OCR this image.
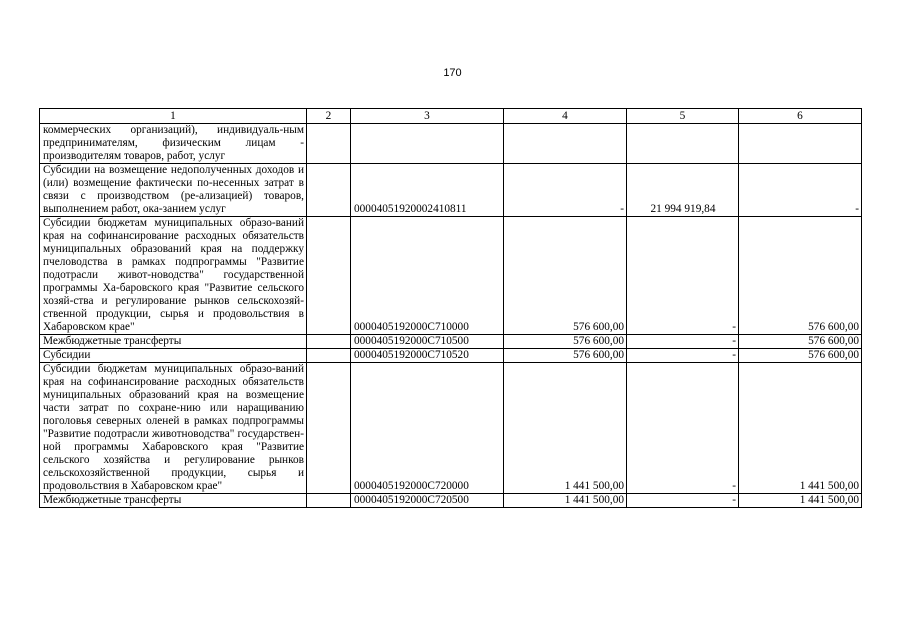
170
1	2	3	4	5	6
коммерческих организаций), индивидуаль-ным предпринимателям, физическим лицам - производителям товаров, работ, услуг					
Субсидии на возмещение недополученных доходов и (или) возмещение фактически по-несенных затрат в связи с производством (ре-ализацией) товаров, выполнением работ, ока-занием услуг		00004051920002410811	-	21 994 919,84	-
Субсидии бюджетам муниципальных образо-ваний края на софинансирование расходных обязательств муниципальных образований края на поддержку пчеловодства в рамках подпрограммы "Развитие подотрасли живот-новодства" государственной программы Ха-баровского края "Развитие сельского хозяй-ства и регулирование рынков сельскохозяй-ственной продукции, сырья и продовольствия в Хабаровском крае"		0000405192000С710000	576 600,00	-	576 600,00
Межбюджетные трансферты		0000405192000С710500	576 600,00	-	576 600,00
Субсидии		0000405192000С710520	576 600,00	-	576 600,00
Субсидии бюджетам муниципальных образо-ваний края на софинансирование расходных обязательств муниципальных образований края на возмещение части затрат по сохране-нию или наращиванию поголовья северных оленей в рамках подпрограммы "Развитие подотрасли животноводства" государствен-ной программы Хабаровского края "Развитие сельского хозяйства и регулирование рынков сельскохозяйственной продукции, сырья и продовольствия в Хабаровском крае"		0000405192000С720000	1 441 500,00	-	1 441 500,00
Межбюджетные трансферты		0000405192000С720500	1 441 500,00	-	1 441 500,00
